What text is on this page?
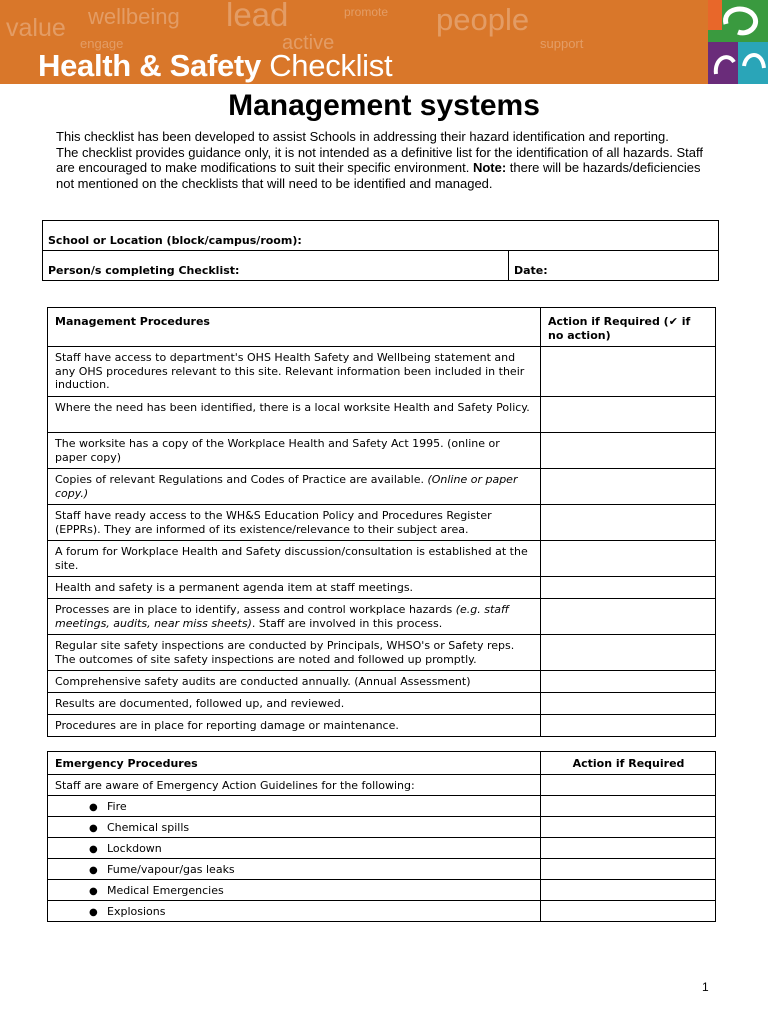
value wellbeing lead	promote people
engage	active	support
Health & Safety Checklist
Management systems

This checklist has been developed to assist Schools in addressing their hazard identification and reporting.

The checklist provides guidance only, it is not intended as a definitive list for the identification of all hazards. Staff are encouraged to make modifications to suit their specific environment. Note: there will be hazards/deficiencies not mentioned on the checklists that will need to be identified and managed.

School or Location (block/campus/room):
Person/s completing Checklist:	Date:
Management Procedures	Action if Required (✔ if no action)
Staff have access to department's OHS Health Safety and Wellbeing statement and any OHS procedures relevant to this site. Relevant information been included in their induction.	
Where the need has been identified, there is a local worksite Health and Safety Policy.	
The worksite has a copy of the Workplace Health and Safety Act 1995. (online or paper copy)	
Copies of relevant Regulations and Codes of Practice are available. (Online or paper copy.)	
Staff have ready access to the WH&S Education Policy and Procedures Register (EPPRs). They are informed of its existence/relevance to their subject area.	
A forum for Workplace Health and Safety discussion/consultation is established at the site.	
Health and safety is a permanent agenda item at staff meetings.	
Processes are in place to identify, assess and control workplace hazards (e.g. staff meetings, audits, near miss sheets). Staff are involved in this process.	
Regular site safety inspections are conducted by Principals, WHSO's or Safety reps. The outcomes of site safety inspections are noted and followed up promptly.	
Comprehensive safety audits are conducted annually. (Annual Assessment)	
Results are documented, followed up, and reviewed.	
Procedures are in place for reporting damage or maintenance.	
Emergency Procedures	Action if Required
Staff are aware of Emergency Action Guidelines for the following:	
● Fire	
● Chemical spills	
● Lockdown	
● Fume/vapour/gas leaks	
● Medical Emergencies	
● Explosions	
1
